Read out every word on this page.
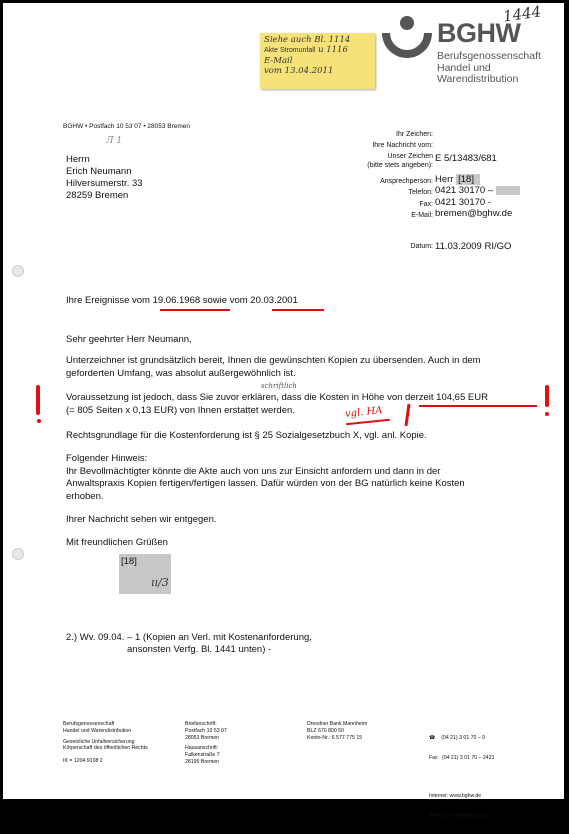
1444
BGHW
Berufsgenossenschaft
Handel und
Warendistribution
Siehe auch Bl. 1114
Akte Stromunfall u 1116
E-Mail
vom 13.04.2011
BGHW • Postfach 10 53 07 • 28053 Bremen
Л 1
Herrn
Erich Neumann
Hilversumerstr. 33
28259 Bremen
Ihr Zeichen:
Ihre Nachricht vom:
Unser Zeichen
(bitte stets angeben):
E 5/13483/681
Ansprechperson:
Telefon:
Fax:
E-Mail:
Herr [18]
0421 30170 –
0421 30170 -
bremen@bghw.de
Datum: 11.03.2009 RI/GO
Ihre Ereignisse vom 19.06.1968 sowie vom 20.03.2001
Sehr geehrter Herr Neumann,
Unterzeichner ist grundsätzlich bereit, Ihnen die gewünschten Kopien zu übersenden. Auch in dem
geforderten Umfang, was absolut außergewöhnlich ist.
schriftlich
Voraussetzung ist jedoch, dass Sie zuvor erklären, dass die Kosten in Höhe von derzeit 104,65 EUR
(= 805 Seiten x 0,13 EUR) von Ihnen erstattet werden.	vgl. HA
Rechtsgrundlage für die Kostenforderung ist § 25 Sozialgesetzbuch X, vgl. anl. Kopie.
Folgender Hinweis:
Ihr Bevollmächtigter könnte die Akte auch von uns zur Einsicht anfordern und dann in der
Anwaltspraxis Kopien fertigen/fertigen lassen. Dafür würden von der BG natürlich keine Kosten
erhoben.
Ihrer Nachricht sehen wir entgegen.
Mit freundlichen Grüßen
[18]
ıı/3
2.) Wv. 09.04. – 1 (Kopien an Verl. mit Kostenanforderung,
ansonsten Verfg. Bl. 1441 unten) -
Berufsgenossenschaft
Handel und Warendistribution
Gesetzliche Unfallversicherung
Körperschaft des öffentlichen Rechts
IK = 1204 9108 2
Briefanschrift:
Postfach 10 53 07
28053 Bremen
Hausanschrift:
Falkenstraße 7
28195 Bremen
Dresdner Bank Mannheim
BLZ 670 800 50
Konto-Nr.: 6 577 775 15

	☎    (04 21) 3 01 70 – 0

Fax   (04 21) 3 01 70 – 2421

Internet: www.bghw.de

E-Mail: bremen@bghw.de
